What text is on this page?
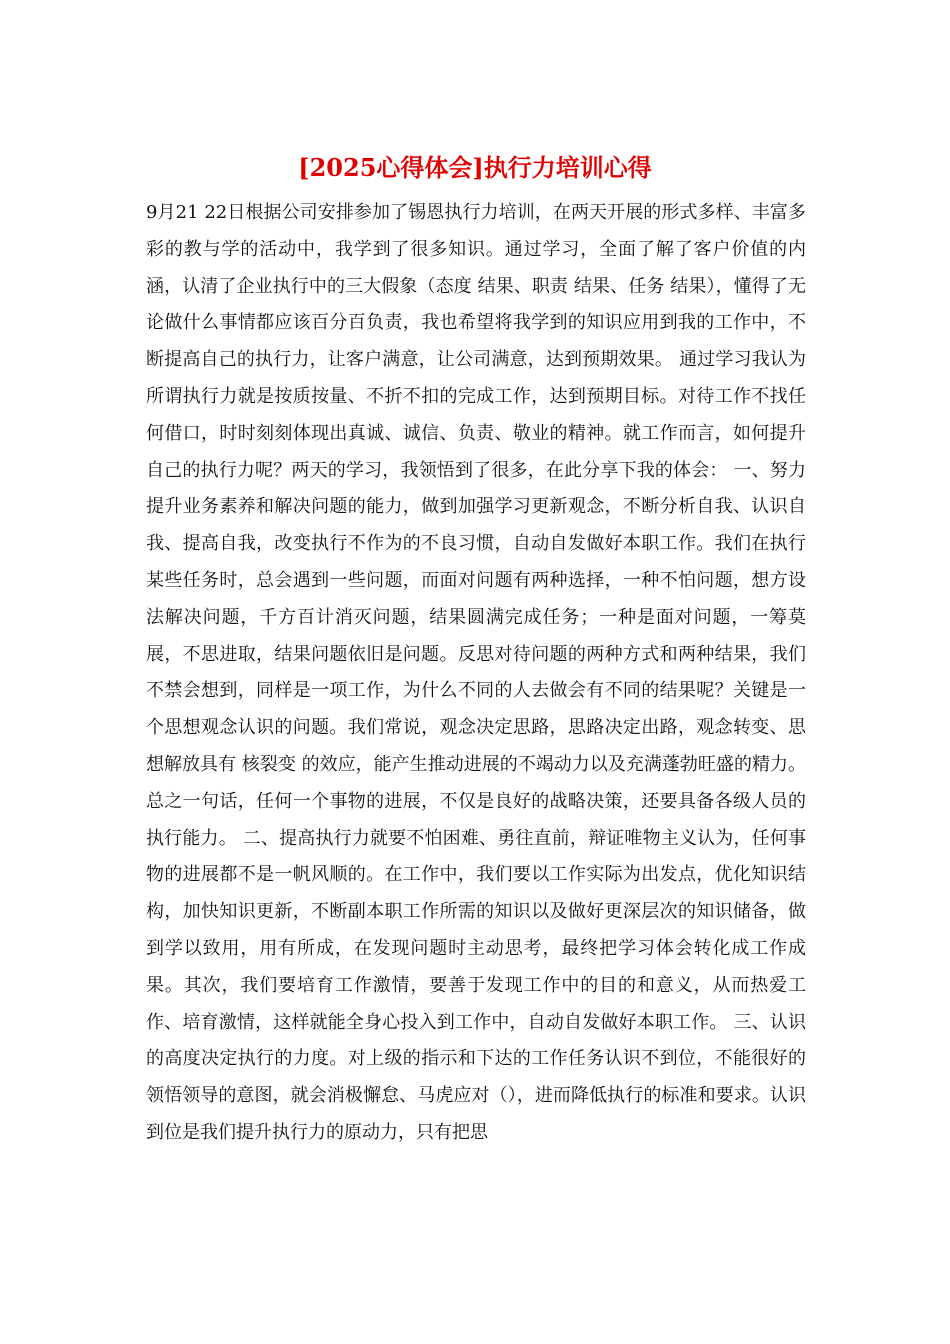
[2025心得体会]执行力培训心得

9月21 22日根据公司安排参加了锡恩执行力培训，在两天开展的形式多样、丰富多彩的教与学的活动中，我学到了很多知识。通过学习，全面了解了客户价值的内涵，认清了企业执行中的三大假象（态度 结果、职责 结果、任务 结果），懂得了无论做什么事情都应该百分百负责，我也希望将我学到的知识应用到我的工作中，不断提高自己的执行力，让客户满意，让公司满意，达到预期效果。 通过学习我认为所谓执行力就是按质按量、不折不扣的完成工作，达到预期目标。对待工作不找任何借口，时时刻刻体现出真诚、诚信、负责、敬业的精神。就工作而言，如何提升自己的执行力呢？两天的学习，我领悟到了很多，在此分享下我的体会： 一、努力提升业务素养和解决问题的能力，做到加强学习更新观念，不断分析自我、认识自我、提高自我，改变执行不作为的不良习惯，自动自发做好本职工作。我们在执行某些任务时，总会遇到一些问题，而面对问题有两种选择，一种不怕问题，想方设法解决问题，千方百计消灭问题，结果圆满完成任务；一种是面对问题，一筹莫展，不思进取，结果问题依旧是问题。反思对待问题的两种方式和两种结果，我们不禁会想到，同样是一项工作，为什么不同的人去做会有不同的结果呢？关键是一个思想观念认识的问题。我们常说，观念决定思路，思路决定出路，观念转变、思想解放具有 核裂变 的效应，能产生推动进展的不竭动力以及充满蓬勃旺盛的精力。总之一句话，任何一个事物的进展，不仅是良好的战略决策，还要具备各级人员的执行能力。 二、提高执行力就要不怕困难、勇往直前，辩证唯物主义认为，任何事物的进展都不是一帆风顺的。在工作中，我们要以工作实际为出发点，优化知识结构，加快知识更新，不断副本职工作所需的知识以及做好更深层次的知识储备，做到学以致用，用有所成，在发现问题时主动思考，最终把学习体会转化成工作成果。其次，我们要培育工作激情，要善于发现工作中的目的和意义，从而热爱工作、培育激情，这样就能全身心投入到工作中，自动自发做好本职工作。 三、认识的高度决定执行的力度。对上级的指示和下达的工作任务认识不到位，不能很好的领悟领导的意图，就会消极懈怠、马虎应对（），进而降低执行的标准和要求。认识到位是我们提升执行力的原动力，只有把思
